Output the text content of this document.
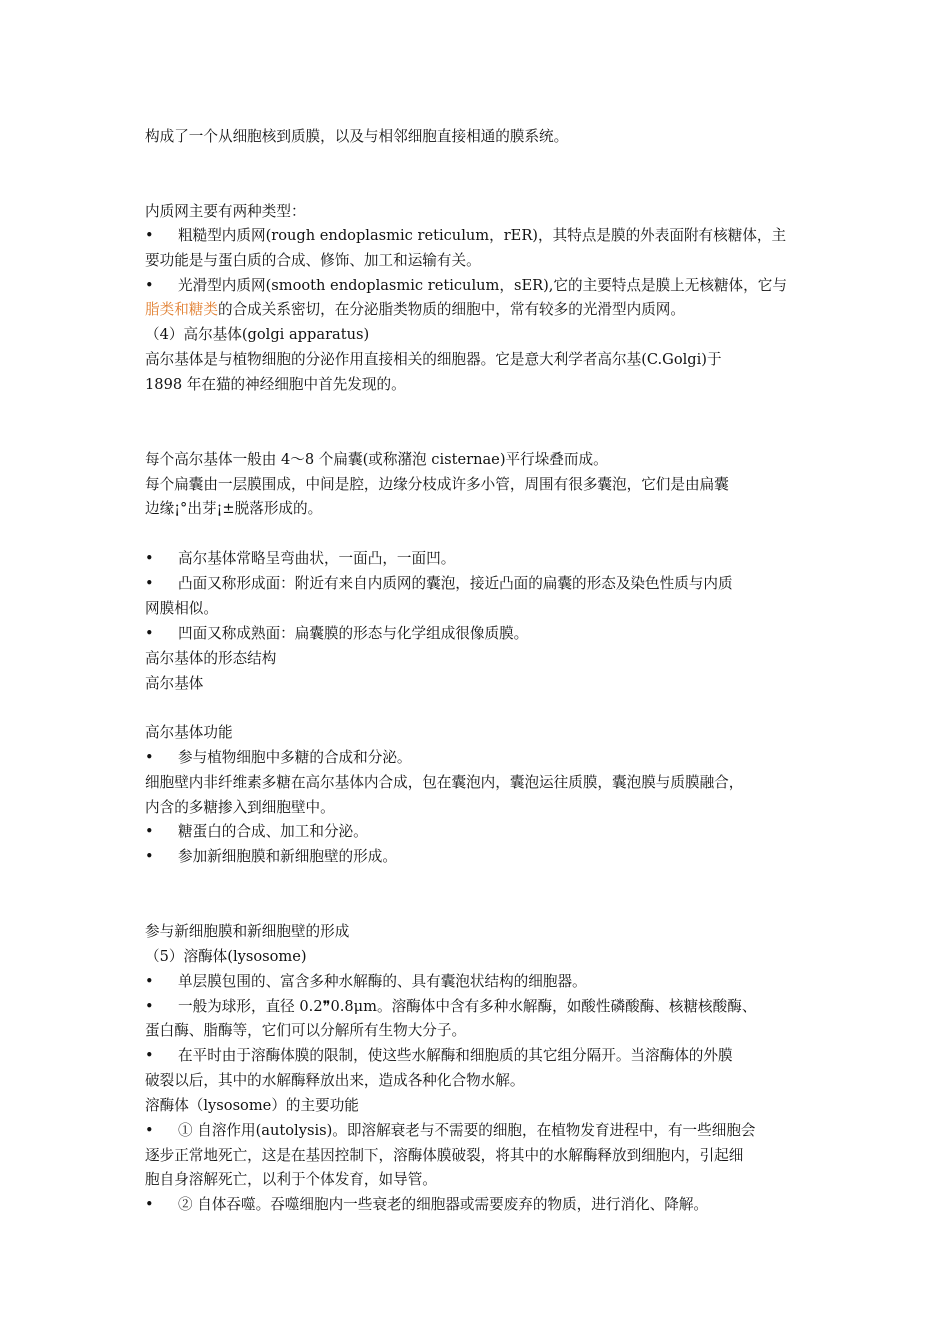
构成了一个从细胞核到质膜，以及与相邻细胞直接相通的膜系统。
内质网主要有两种类型：
• 粗糙型内质网(rough endoplasmic reticulum，rER)，其特点是膜的外表面附有核糖体，主
要功能是与蛋白质的合成、修饰、加工和运输有关。
• 光滑型内质网(smooth endoplasmic reticulum，sER),它的主要特点是膜上无核糖体，它与
脂类和糖类的合成关系密切，在分泌脂类物质的细胞中，常有较多的光滑型内质网。
（4）高尔基体(golgi apparatus)
高尔基体是与植物细胞的分泌作用直接相关的细胞器。它是意大利学者高尔基(C.Golgi)于
1898 年在猫的神经细胞中首先发现的。
每个高尔基体一般由 4～8 个扁囊(或称潴泡 cisternae)平行垛叠而成。
每个扁囊由一层膜围成，中间是腔，边缘分枝成许多小管，周围有很多囊泡，它们是由扁囊
边缘¡°出芽¡±脱落形成的。
• 高尔基体常略呈弯曲状，一面凸，一面凹。
• 凸面又称形成面：附近有来自内质网的囊泡，接近凸面的扁囊的形态及染色性质与内质
网膜相似。
• 凹面又称成熟面：扁囊膜的形态与化学组成很像质膜。
高尔基体的形态结构
高尔基体
高尔基体功能
• 参与植物细胞中多糖的合成和分泌。
细胞壁内非纤维素多糖在高尔基体内合成，包在囊泡内，囊泡运往质膜，囊泡膜与质膜融合，
内含的多糖掺入到细胞壁中。
• 糖蛋白的合成、加工和分泌。
• 参加新细胞膜和新细胞壁的形成。
参与新细胞膜和新细胞壁的形成
（5）溶酶体(lysosome)
• 单层膜包围的、富含多种水解酶的、具有囊泡状结构的细胞器。
• 一般为球形，直径 0.2❞0.8μm。溶酶体中含有多种水解酶，如酸性磷酸酶、核糖核酸酶、
蛋白酶、脂酶等，它们可以分解所有生物大分子。
• 在平时由于溶酶体膜的限制，使这些水解酶和细胞质的其它组分隔开。当溶酶体的外膜
破裂以后，其中的水解酶释放出来，造成各种化合物水解。
溶酶体（lysosome）的主要功能
• ① 自溶作用(autolysis)。即溶解衰老与不需要的细胞，在植物发育进程中，有一些细胞会
逐步正常地死亡，这是在基因控制下，溶酶体膜破裂，将其中的水解酶释放到细胞内，引起细
胞自身溶解死亡，以利于个体发育，如导管。
• ② 自体吞噬。吞噬细胞内一些衰老的细胞器或需要废弃的物质，进行消化、降解。
